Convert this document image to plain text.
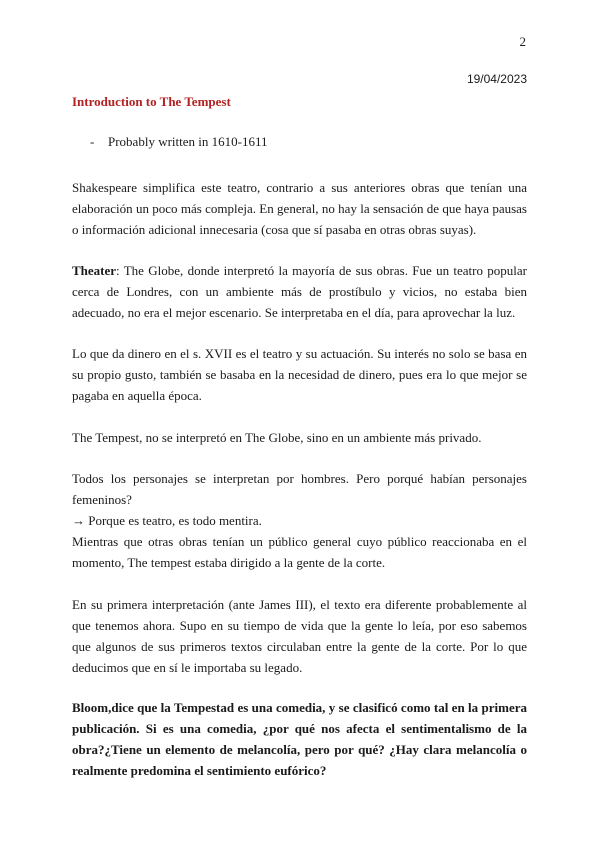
2
19/04/2023
Introduction to The Tempest
-	Probably written in 1610-1611

Shakespeare simplifica este teatro, contrario a sus anteriores obras que tenían una elaboración un poco más compleja. En general, no hay la sensación de que haya pausas o información adicional innecesaria (cosa que sí pasaba en otras obras suyas).

Theater: The Globe, donde interpretó la mayoría de sus obras. Fue un teatro popular cerca de Londres, con un ambiente más de prostíbulo y vicios, no estaba bien adecuado, no era el mejor escenario. Se interpretaba en el día, para aprovechar la luz.

Lo que da dinero en el s. XVII es el teatro y su actuación. Su interés no solo se basa en su propio gusto, también se basaba en la necesidad de dinero, pues era lo que mejor se pagaba en aquella época.

The Tempest, no se interpretó en The Globe, sino en un ambiente más privado.

Todos los personajes se interpretan por hombres. Pero porqué habían personajes femeninos?
→ Porque es teatro, es todo mentira.

Mientras que otras obras tenían un público general cuyo público reaccionaba en el momento, The tempest estaba dirigido a la gente de la corte.

En su primera interpretación (ante James III), el texto era diferente probablemente al que tenemos ahora. Supo en su tiempo de vida que la gente lo leía, por eso sabemos que algunos de sus primeros textos circulaban entre la gente de la corte. Por lo que deducimos que en sí le importaba su legado.

Bloom,dice que la Tempestad es una comedia, y se clasificó como tal en la primera publicación. Si es una comedia, ¿por qué nos afecta el sentimentalismo de la obra?¿Tiene un elemento de melancolía, pero por qué? ¿Hay clara melancolía o realmente predomina el sentimiento eufórico?
